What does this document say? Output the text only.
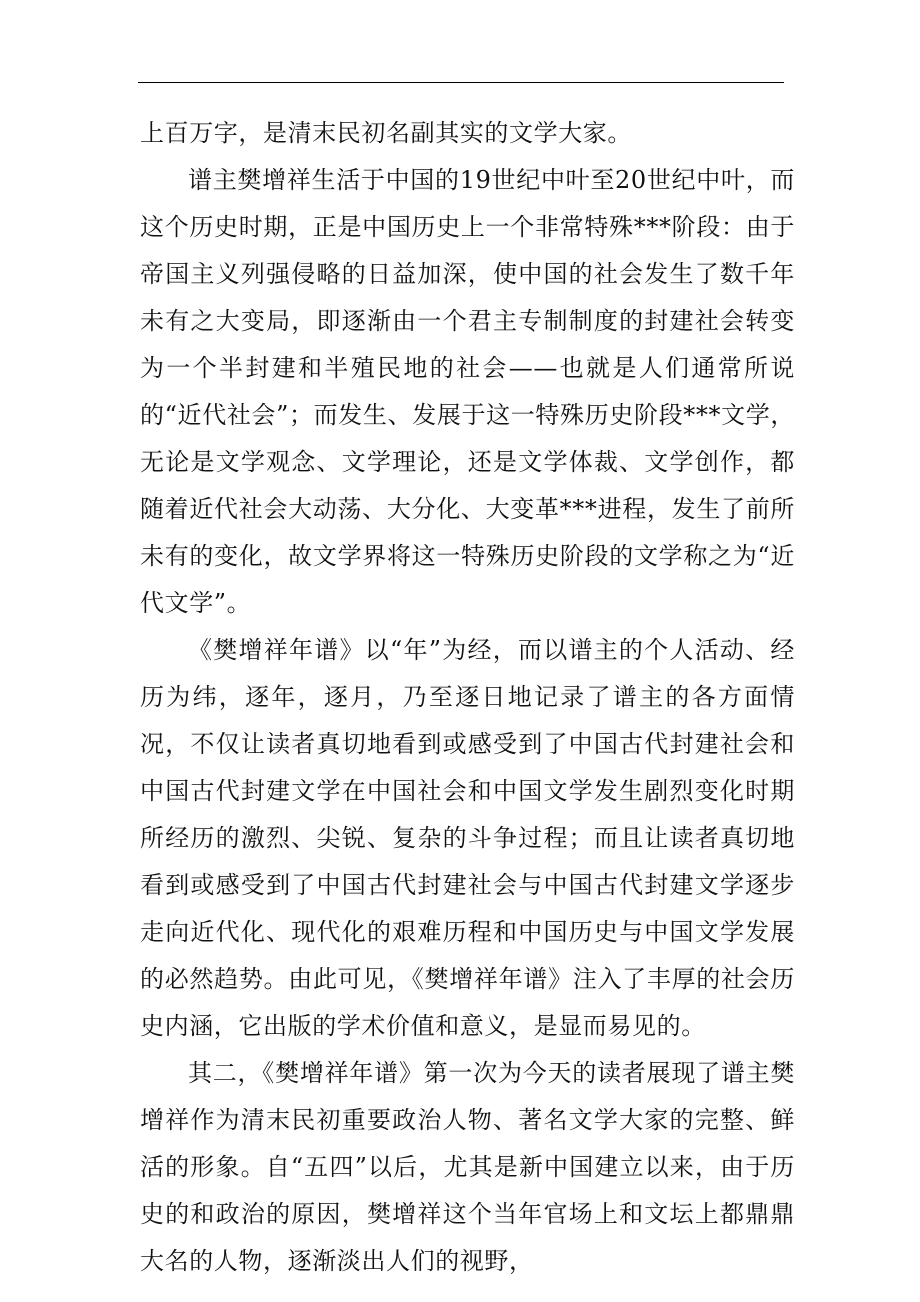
上百万字，是清末民初名副其实的文学大家。

谱主樊增祥生活于中国的19世纪中叶至20世纪中叶，而这个历史时期，正是中国历史上一个非常特殊***阶段：由于帝国主义列强侵略的日益加深，使中国的社会发生了数千年未有之大变局，即逐渐由一个君主专制制度的封建社会转变为一个半封建和半殖民地的社会——也就是人们通常所说的“近代社会”；而发生、发展于这一特殊历史阶段***文学，无论是文学观念、文学理论，还是文学体裁、文学创作，都随着近代社会大动荡、大分化、大变革***进程，发生了前所未有的变化，故文学界将这一特殊历史阶段的文学称之为“近代文学”。

《樊增祥年谱》以“年”为经，而以谱主的个人活动、经历为纬，逐年，逐月，乃至逐日地记录了谱主的各方面情况，不仅让读者真切地看到或感受到了中国古代封建社会和中国古代封建文学在中国社会和中国文学发生剧烈变化时期所经历的激烈、尖锐、复杂的斗争过程；而且让读者真切地看到或感受到了中国古代封建社会与中国古代封建文学逐步走向近代化、现代化的艰难历程和中国历史与中国文学发展的必然趋势。由此可见，《樊增祥年谱》注入了丰厚的社会历史内涵，它出版的学术价值和意义，是显而易见的。

其二，《樊增祥年谱》第一次为今天的读者展现了谱主樊增祥作为清末民初重要政治人物、著名文学大家的完整、鲜活的形象。自“五四”以后，尤其是新中国建立以来，由于历史的和政治的原因，樊增祥这个当年官场上和文坛上都鼎鼎大名的人物，逐渐淡出人们的视野，
